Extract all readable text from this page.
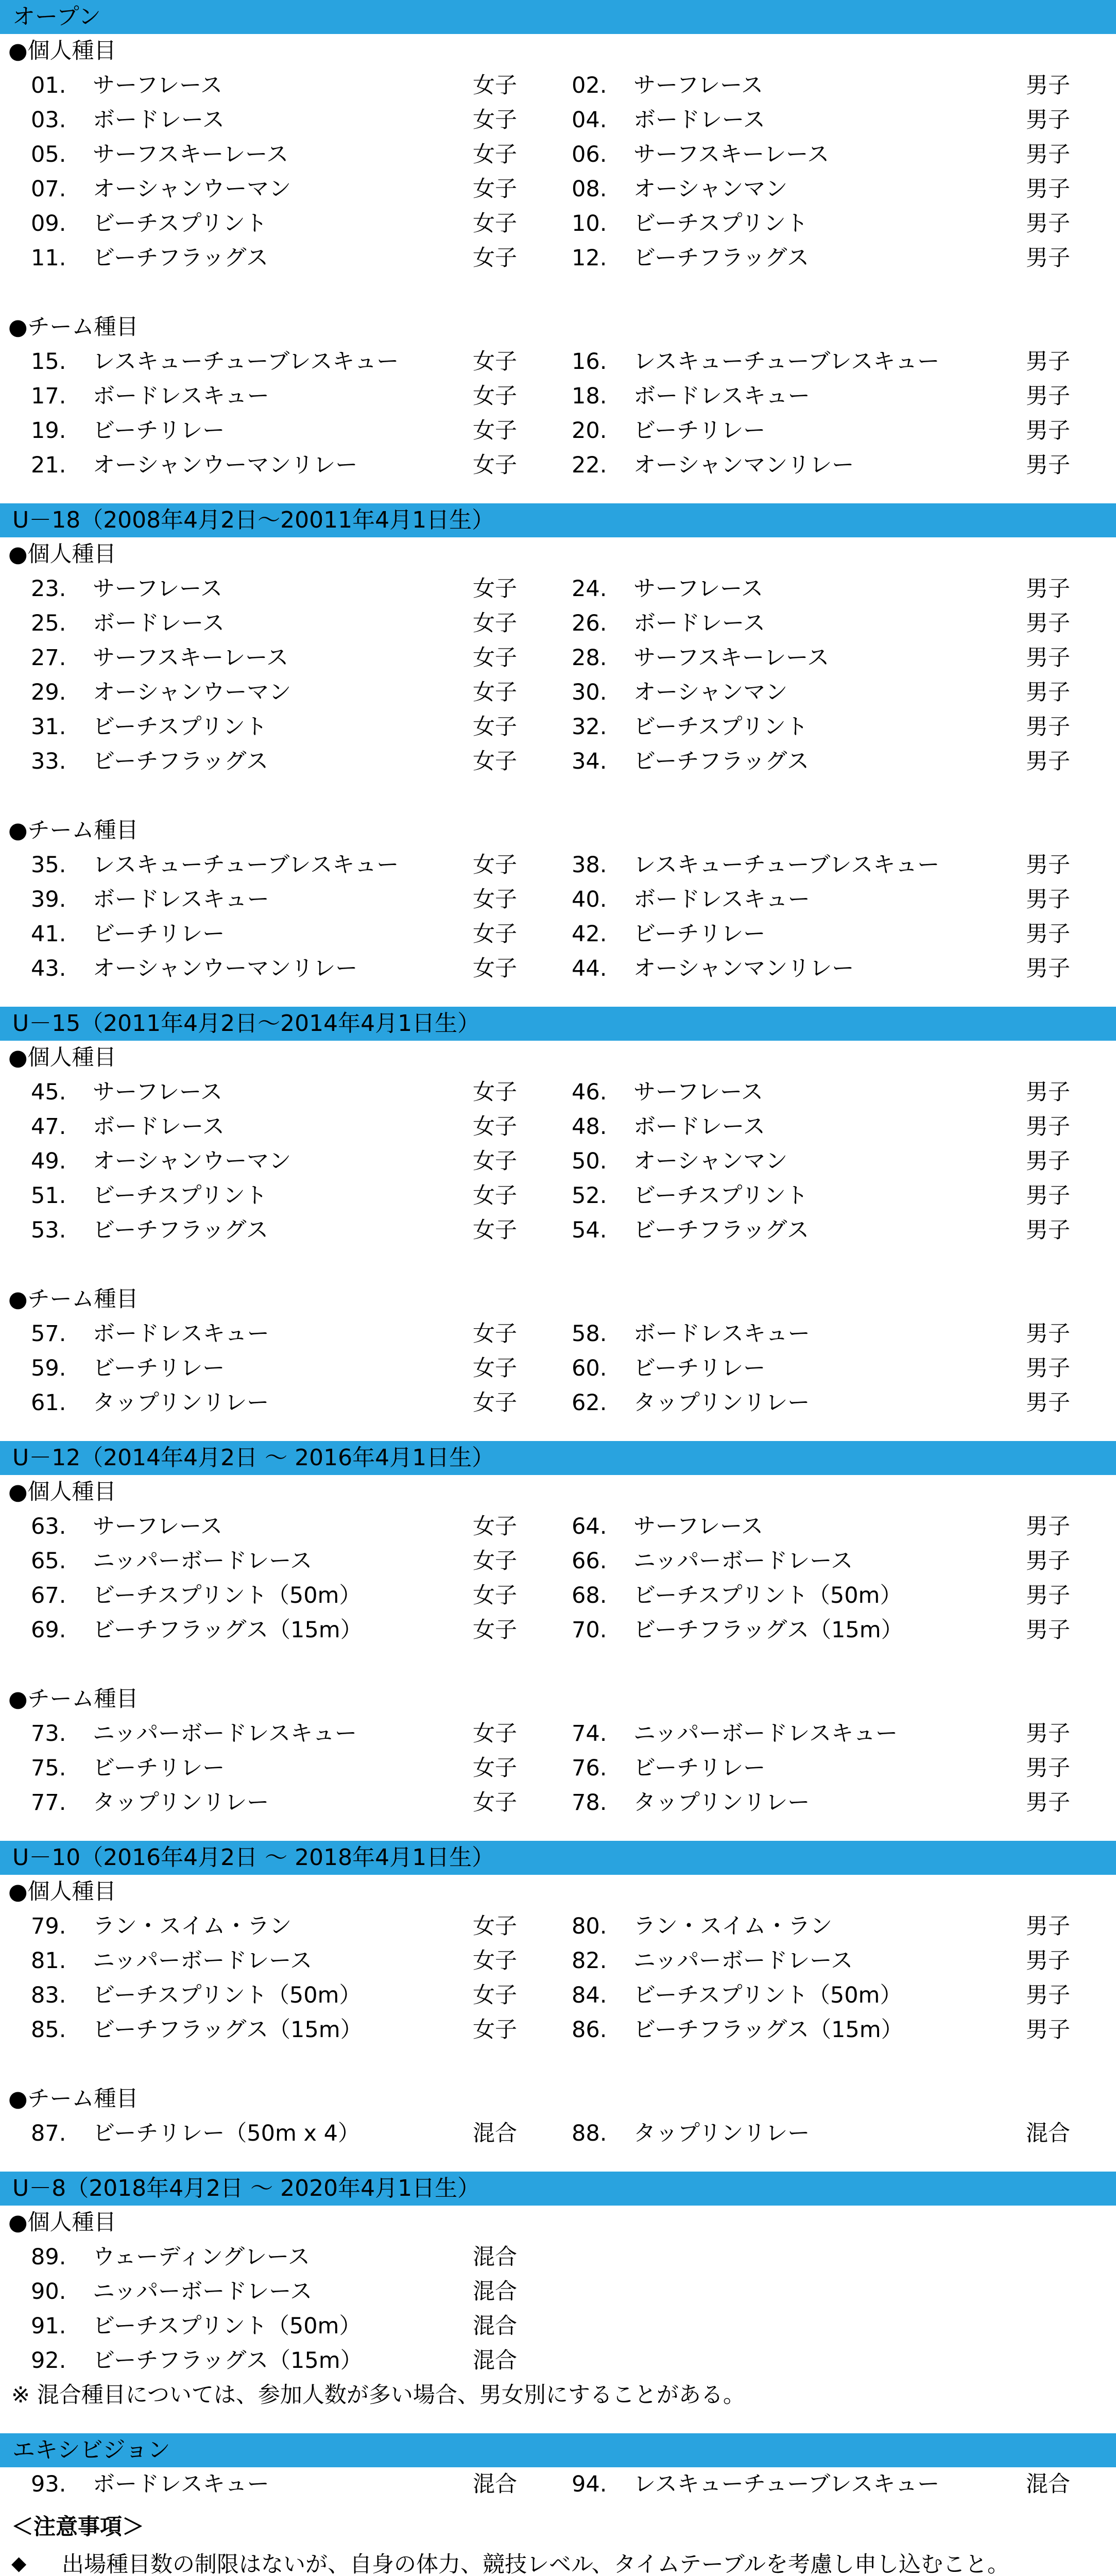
オープン
●個人種目
01. サーフレース	女子 02. サーフレース	男子
03. ボードレース	女子 04. ボードレース	男子
05. サーフスキーレース	女子 06. サーフスキーレース	男子
07. オーシャンウーマン	女子 08. オーシャンマン	男子
09. ビーチスプリント	女子 10. ビーチスプリント	男子
11. ビーチフラッグス	女子 12. ビーチフラッグス	男子
●チーム種目
15. レスキューチューブレスキュー	女子 16. レスキューチューブレスキュー	男子
17. ボードレスキュー	女子 18. ボードレスキュー	男子
19. ビーチリレー	女子 20. ビーチリレー	男子
21. オーシャンウーマンリレー	女子 22. オーシャンマンリレー	男子
U－18（2008年4月2日～20011年4月1日生）
●個人種目
23. サーフレース	女子 24. サーフレース	男子
25. ボードレース	女子 26. ボードレース	男子
27. サーフスキーレース	女子 28. サーフスキーレース	男子
29. オーシャンウーマン	女子 30. オーシャンマン	男子
31. ビーチスプリント	女子 32. ビーチスプリント	男子
33. ビーチフラッグス	女子 34. ビーチフラッグス	男子
●チーム種目
35. レスキューチューブレスキュー	女子 38. レスキューチューブレスキュー	男子
39. ボードレスキュー	女子 40. ボードレスキュー	男子
41. ビーチリレー	女子 42. ビーチリレー	男子
43. オーシャンウーマンリレー	女子 44. オーシャンマンリレー	男子
U－15（2011年4月2日～2014年4月1日生）
●個人種目
45. サーフレース	女子 46. サーフレース	男子
47. ボードレース	女子 48. ボードレース	男子
49. オーシャンウーマン	女子 50. オーシャンマン	男子
51. ビーチスプリント	女子 52. ビーチスプリント	男子
53. ビーチフラッグス	女子 54. ビーチフラッグス	男子
●チーム種目
57. ボードレスキュー	女子 58. ボードレスキュー	男子
59. ビーチリレー	女子 60. ビーチリレー	男子
61. タップリンリレー	女子 62. タップリンリレー	男子
U－12（2014年4月2日 ～ 2016年4月1日生）
●個人種目
63. サーフレース	女子 64. サーフレース	男子
65. ニッパーボードレース	女子 66. ニッパーボードレース	男子
67. ビーチスプリント（50m）	女子 68. ビーチスプリント（50m）	男子
69. ビーチフラッグス（15m）	女子 70. ビーチフラッグス（15m）	男子
●チーム種目
73. ニッパーボードレスキュー	女子 74. ニッパーボードレスキュー	男子
75. ビーチリレー	女子 76. ビーチリレー	男子
77. タップリンリレー	女子 78. タップリンリレー	男子
U－10（2016年4月2日 ～ 2018年4月1日生）
●個人種目
79. ラン・スイム・ラン	女子 80. ラン・スイム・ラン	男子
81. ニッパーボードレース	女子 82. ニッパーボードレース	男子
83. ビーチスプリント（50m）	女子 84. ビーチスプリント（50m）	男子
85. ビーチフラッグス（15m）	女子 86. ビーチフラッグス（15m）	男子
●チーム種目
87. ビーチリレー（50m x 4）	混合 88. タップリンリレー	混合
U－8（2018年4月2日 ～ 2020年4月1日生）
●個人種目
89. ウェーディングレース	混合
90. ニッパーボードレース	混合
91. ビーチスプリント（50m）	混合
92. ビーチフラッグス（15m）	混合
※ 混合種目については、参加人数が多い場合、男女別にすることがある。
エキシビジョン
93. ボードレスキュー	混合 94. レスキューチューブレスキュー	混合
＜注意事項＞
◆ 出場種目数の制限はないが、自身の体力、競技レベル、タイムテーブルを考慮し申し込むこと。
